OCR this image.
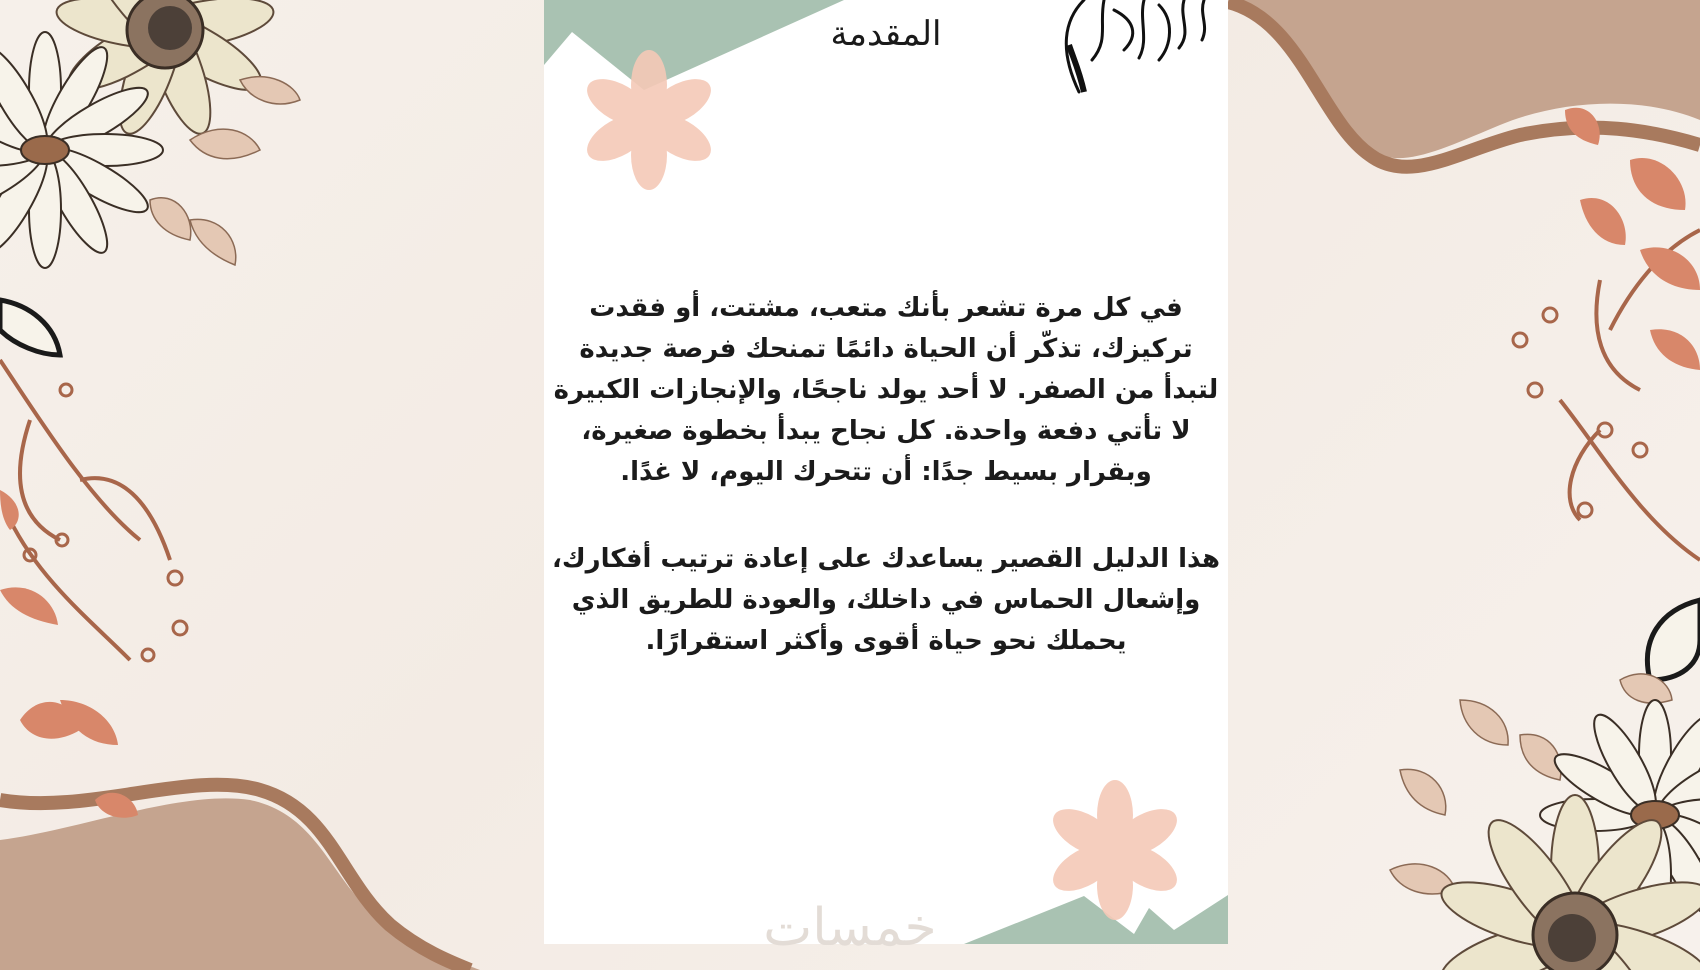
المقدمة
في كل مرة تشعر بأنك متعب، مشتت، أو فقدت
تركيزك، تذكّر أن الحياة دائمًا تمنحك فرصة جديدة
لتبدأ من الصفر. لا أحد يولد ناجحًا، والإنجازات الكبيرة
لا تأتي دفعة واحدة. كل نجاح يبدأ بخطوة صغيرة،
وبقرار بسيط جدًا: أن تتحرك اليوم، لا غدًا.
هذا الدليل القصير يساعدك على إعادة ترتيب أفكارك،
وإشعال الحماس في داخلك، والعودة للطريق الذي
يحملك نحو حياة أقوى وأكثر استقرارًا.
خمسات
